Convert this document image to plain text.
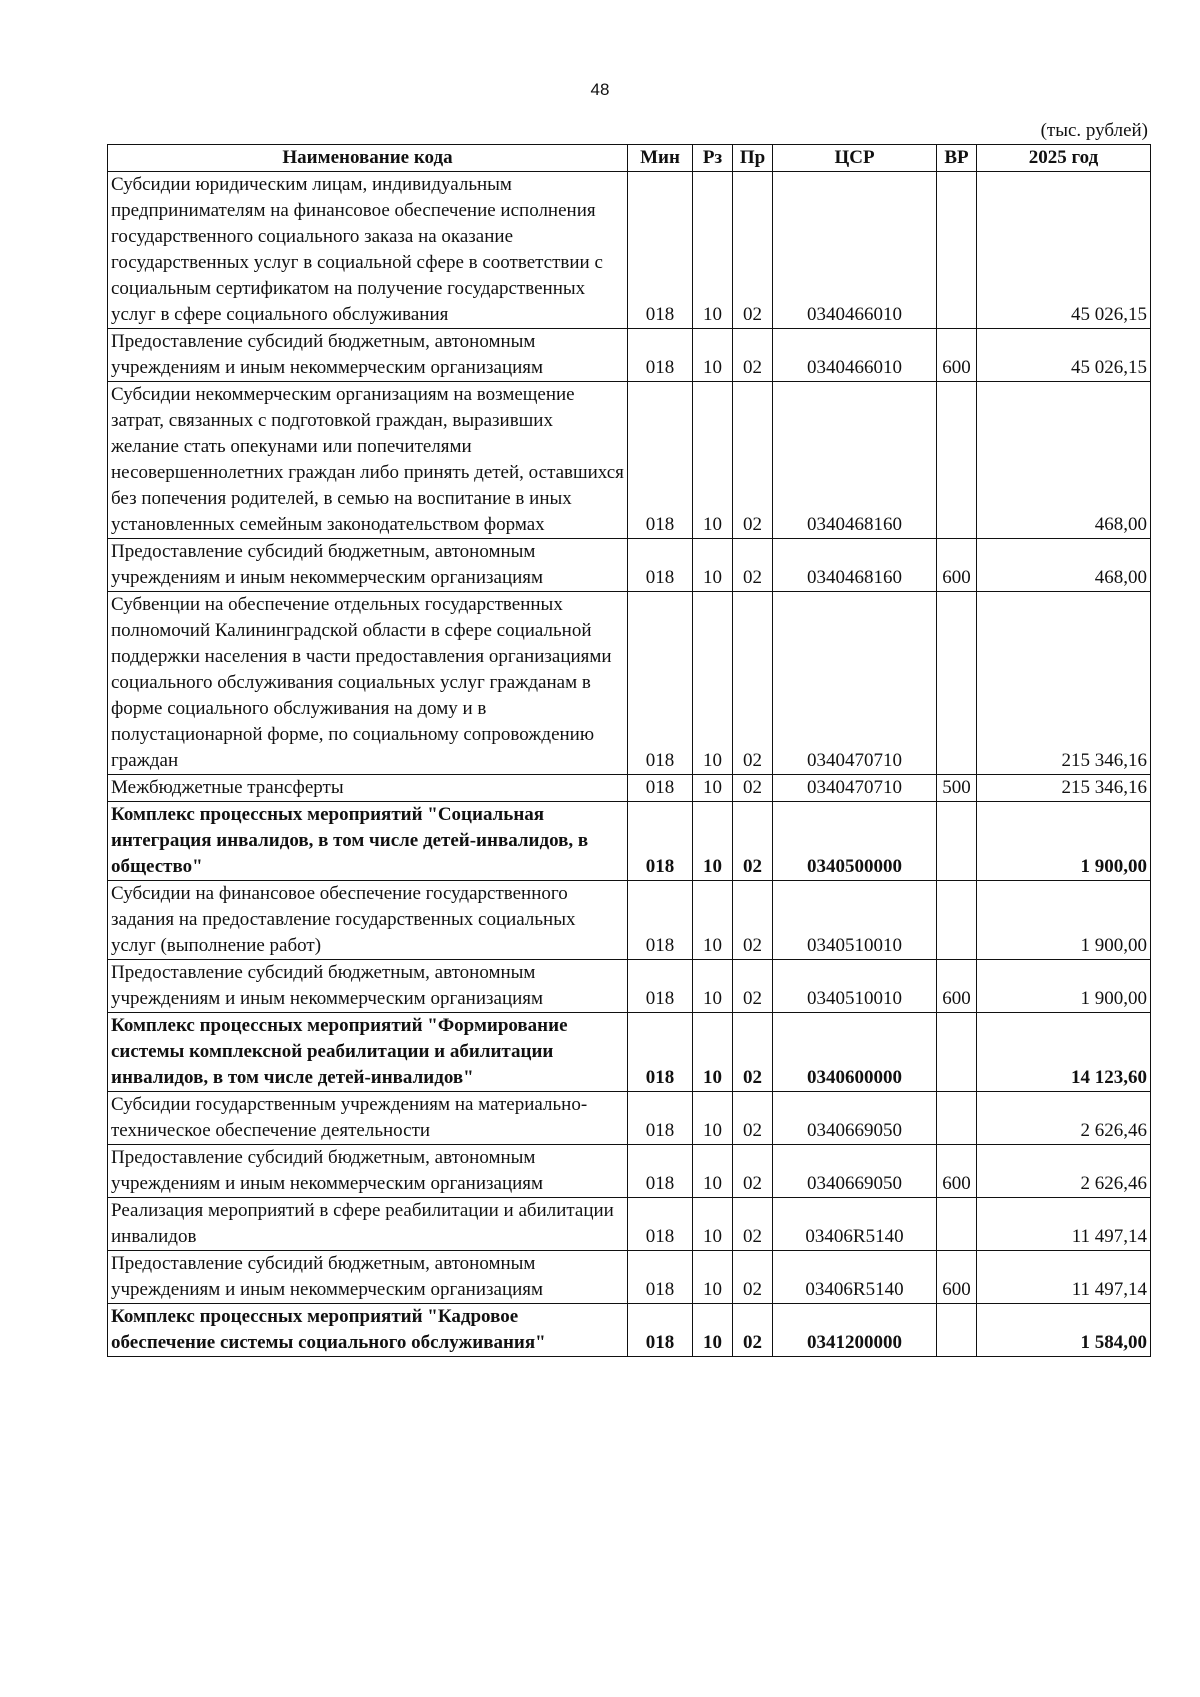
48
(тыс. рублей)
Наименование кода	Мин	Рз	Пр	ЦСР	ВР	2025 год
Субсидии юридическим лицам, индивидуальным предпринимателям на финансовое обеспечение исполнения государственного социального заказа на оказание государственных услуг в социальной сфере в соответствии с социальным сертификатом на получение государственных услуг в сфере социального обслуживания	018	10	02	0340466010		45 026,15
Предоставление субсидий бюджетным, автономным учреждениям и иным некоммерческим организациям	018	10	02	0340466010	600	45 026,15
Субсидии некоммерческим организациям на возмещение затрат, связанных с подготовкой граждан, выразивших желание стать опекунами или попечителями несовершеннолетних граждан либо принять детей, оставшихся без попечения родителей, в семью на воспитание в иных установленных семейным законодательством формах	018	10	02	0340468160		468,00
Предоставление субсидий бюджетным, автономным учреждениям и иным некоммерческим организациям	018	10	02	0340468160	600	468,00
Субвенции на обеспечение отдельных государственных полномочий Калининградской области в сфере социальной поддержки населения в части предоставления организациями социального обслуживания социальных услуг гражданам в форме социального обслуживания на дому и в полустационарной форме, по социальному сопровождению граждан	018	10	02	0340470710		215 346,16
Межбюджетные трансферты	018	10	02	0340470710	500	215 346,16
Комплекс процессных мероприятий "Социальная интеграция инвалидов, в том числе детей-инвалидов, в общество"	018	10	02	0340500000		1 900,00
Субсидии на финансовое обеспечение государственного задания на предоставление государственных социальных услуг (выполнение работ)	018	10	02	0340510010		1 900,00
Предоставление субсидий бюджетным, автономным учреждениям и иным некоммерческим организациям	018	10	02	0340510010	600	1 900,00
Комплекс процессных мероприятий "Формирование системы комплексной реабилитации и абилитации инвалидов, в том числе детей-инвалидов"	018	10	02	0340600000		14 123,60
Субсидии государственным учреждениям на материально-техническое обеспечение деятельности	018	10	02	0340669050		2 626,46
Предоставление субсидий бюджетным, автономным учреждениям и иным некоммерческим организациям	018	10	02	0340669050	600	2 626,46
Реализация мероприятий в сфере реабилитации и абилитации инвалидов	018	10	02	03406R5140		11 497,14
Предоставление субсидий бюджетным, автономным учреждениям и иным некоммерческим организациям	018	10	02	03406R5140	600	11 497,14
Комплекс процессных мероприятий "Кадровое обеспечение системы социального обслуживания"	018	10	02	0341200000		1 584,00
